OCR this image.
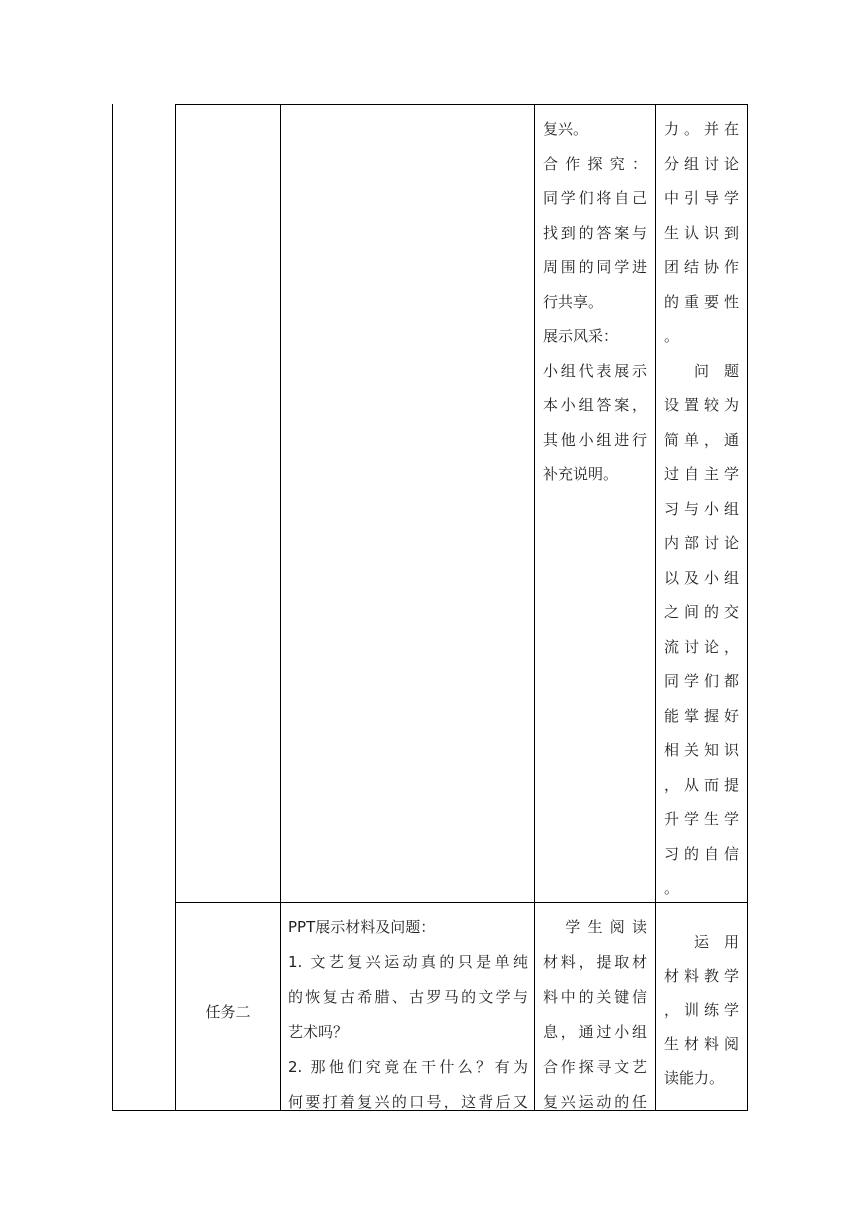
复兴。
合作探究：
同学们将自己
找到的答案与
周围的同学进
行共享。
展示风采：
小组代表展示
本小组答案，
其他小组进行
补充说明。
力。并在
分组讨论
中引导学
生认识到
团结协作
的重要性
。
　问题
设置较为
简单，通
过自主学
习与小组
内部讨论
以及小组
之间的交
流讨论，
同学们都
能掌握好
相关知识
，从而提
升学生学
习的自信
。
任务二
PPT展示材料及问题：
1. 文艺复兴运动真的只是单纯
的恢复古希腊、古罗马的文学与
艺术吗？
2. 那他们究竟在干什么？有为
何要打着复兴的口号，这背后又
　学生阅读
材料，提取材
料中的关键信
息，通过小组
合作探寻文艺
复兴运动的任
　运用
材料教学
，训练学
生材料阅
读能力。
